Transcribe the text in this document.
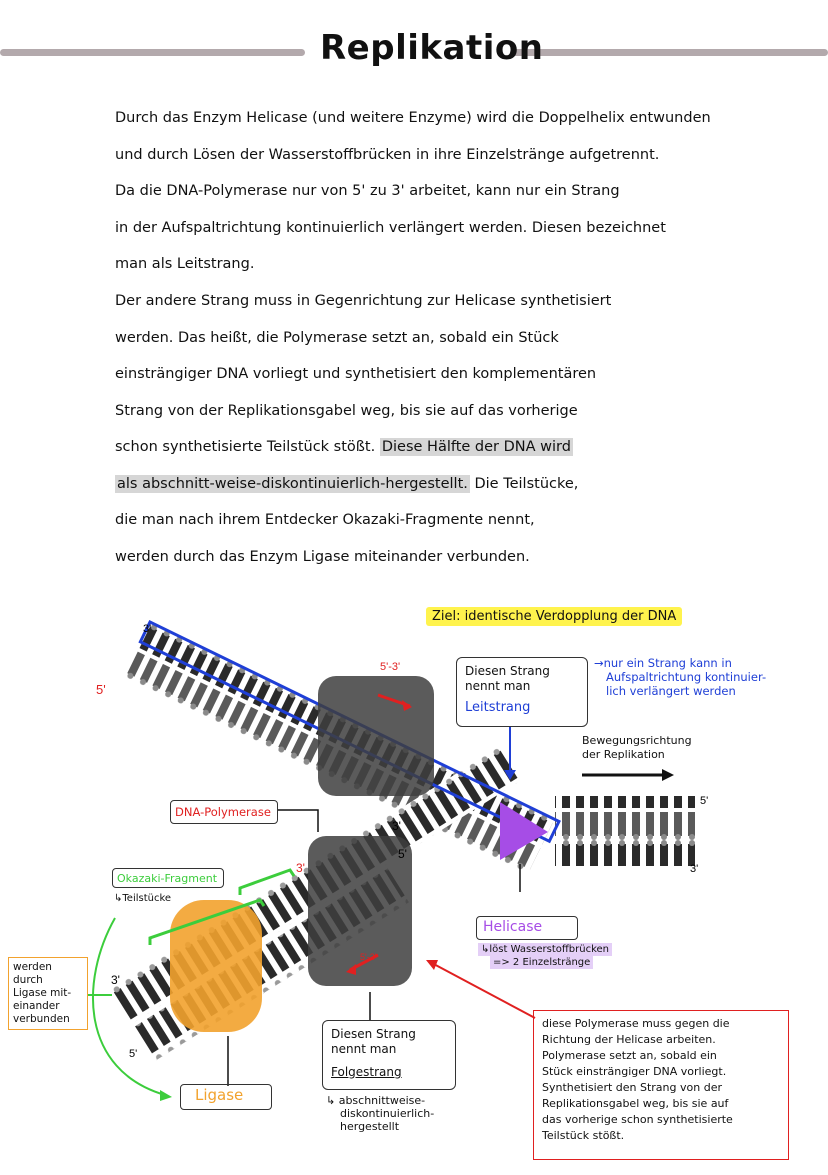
Replikation
Durch das Enzym Helicase (und weitere Enzyme) wird die Doppelhelix entwunden
und durch Lösen der Wasserstoffbrücken in ihre Einzelstränge aufgetrennt.
Da die DNA-Polymerase nur von 5' zu 3' arbeitet, kann nur ein Strang
in der Aufspaltrichtung kontinuierlich verlängert werden. Diesen bezeichnet
man als Leitstrang.
Der andere Strang muss in Gegenrichtung zur Helicase synthetisiert
werden. Das heißt, die Polymerase setzt an, sobald ein Stück
einsträngiger DNA vorliegt und synthetisiert den komplementären
Strang von der Replikationsgabel weg, bis sie auf das vorherige
schon synthetisierte Teilstück stößt. Diese Hälfte der DNA wird
als abschnitt-weise-diskontinuierlich-hergestellt. Die Teilstücke,
die man nach ihrem Entdecker Okazaki-Fragmente nennt,
werden durch das Enzym Ligase miteinander verbunden.
3'
5'
5'-3'
3'
5'
3'
5'
3'
3'
5'
5'-3'
Ziel: identische Verdopplung der DNA
Diesen Strang
nennt man
Leitstrang
→nur ein Strang kann in
Aufspaltrichtung kontinuier-
lich verlängert werden
Bewegungsrichtung
der Replikation
DNA-Polymerase
Okazaki-Fragment
↳Teilstücke
werden durch
Ligase mit-
einander
verbunden
Ligase
Helicase
↳löst Wasserstoffbrücken
=> 2 Einzelstränge
Diesen Strang
nennt man
Folgestrang
↳ abschnittweise-
diskontinuierlich-
hergestellt
diese Polymerase muss gegen die
Richtung der Helicase arbeiten.
Polymerase setzt an, sobald ein
Stück einsträngiger DNA vorliegt.
Synthetisiert den Strang von der
Replikationsgabel weg, bis sie auf
das vorherige schon synthetisierte
Teilstück stößt.
